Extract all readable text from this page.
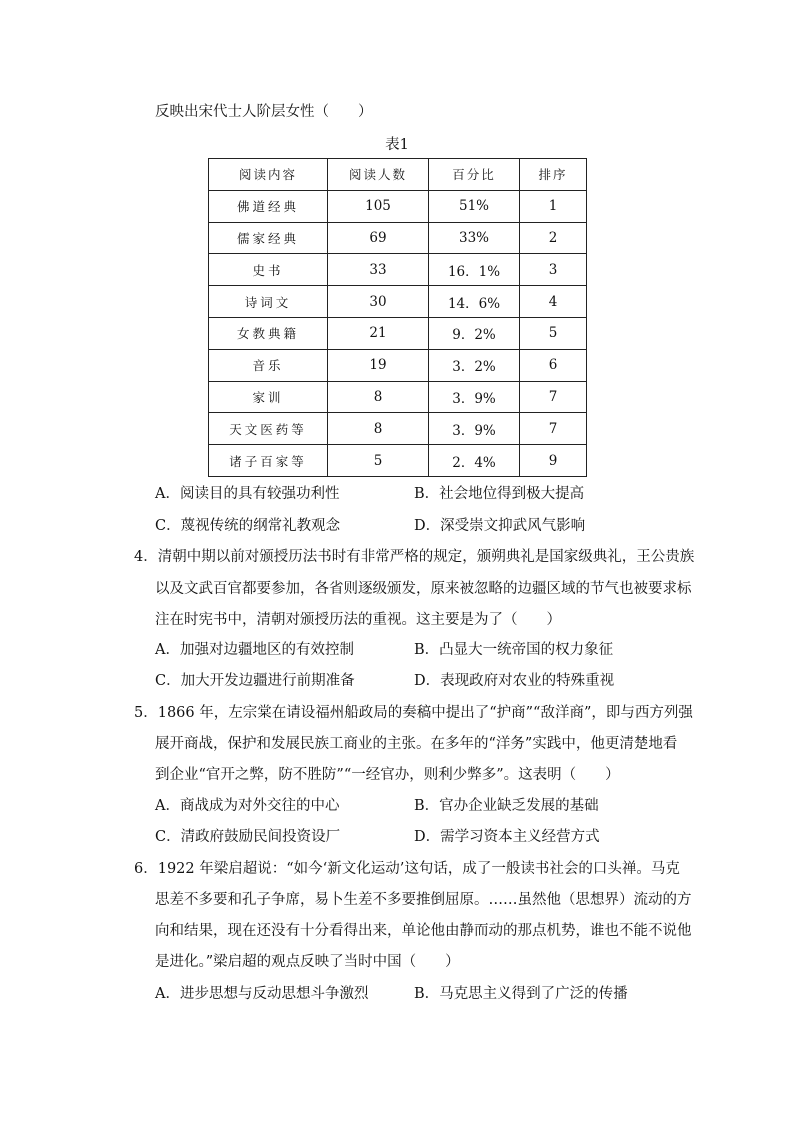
反映出宋代士人阶层女性（　　）
表1
阅读内容	阅读人数	百分比	排序
佛道经典	105	51%	1
儒家经典	69	33%	2
史书	33	16．1%	3
诗词文	30	14．6%	4
女教典籍	21	9．2%	5
音乐	19	3．2%	6
家训	8	3．9%	7
天文医药等	8	3．9%	7
诸子百家等	5	2．4%	9
A．阅读目的具有较强功利性	B．社会地位得到极大提高
C．蔑视传统的纲常礼教观念	D．深受崇文抑武风气影响
4．清朝中期以前对颁授历法书时有非常严格的规定，颁朔典礼是国家级典礼，王公贵族
以及文武百官都要参加，各省则逐级颁发，原来被忽略的边疆区域的节气也被要求标
注在时宪书中，清朝对颁授历法的重视。这主要是为了（　　）
A．加强对边疆地区的有效控制	B．凸显大一统帝国的权力象征
C．加大开发边疆进行前期准备	D．表现政府对农业的特殊重视
5．1866 年，左宗棠在请设福州船政局的奏稿中提出了“护商”“敌洋商”，即与西方列强
展开商战，保护和发展民族工商业的主张。在多年的“洋务”实践中，他更清楚地看
到企业“官开之弊，防不胜防”“一经官办，则利少弊多”。这表明（　　）
A．商战成为对外交往的中心	B．官办企业缺乏发展的基础
C．清政府鼓励民间投资设厂	D．需学习资本主义经营方式
6．1922 年梁启超说：“如今‘新文化运动’这句话，成了一般读书社会的口头禅。马克
思差不多要和孔子争席，易卜生差不多要推倒屈原。……虽然他（思想界）流动的方
向和结果，现在还没有十分看得出来，单论他由静而动的那点机势，谁也不能不说他
是进化。”梁启超的观点反映了当时中国（　　）
A．进步思想与反动思想斗争激烈	B．马克思主义得到了广泛的传播
